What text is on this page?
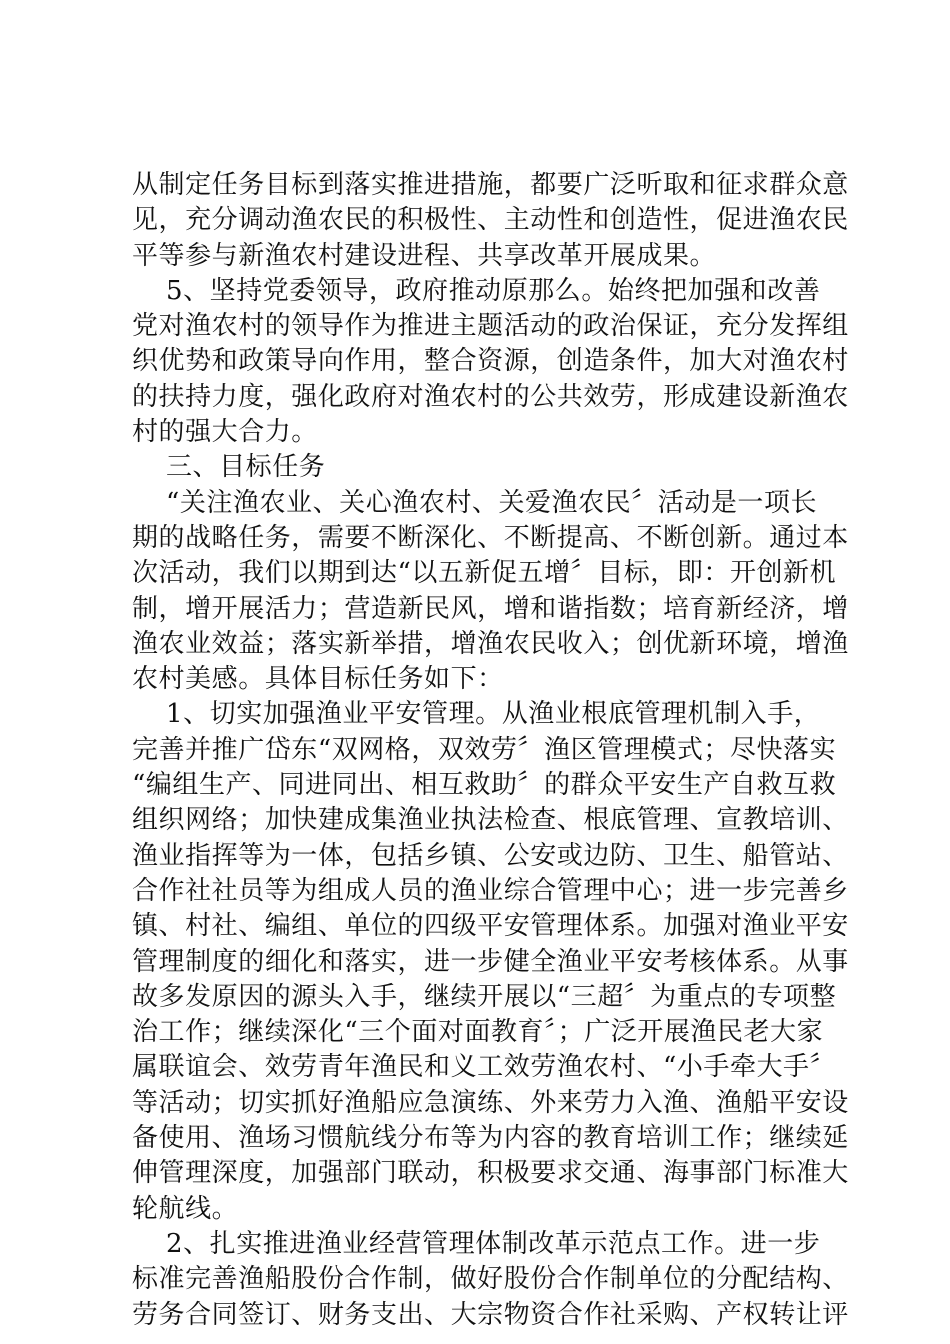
从制定任务目标到落实推进措施，都要广泛听取和征求群众意
见，充分调动渔农民的积极性、主动性和创造性，促进渔农民
平等参与新渔农村建设进程、共享改革开展成果。
5、坚持党委领导，政府推动原那么。始终把加强和改善
党对渔农村的领导作为推进主题活动的政治保证，充分发挥组
织优势和政策导向作用，整合资源，创造条件，加大对渔农村
的扶持力度，强化政府对渔农村的公共效劳，形成建设新渔农
村的强大合力。
三、目标任务
“关注渔农业、关心渔农村、关爱渔农民〞活动是一项长
期的战略任务，需要不断深化、不断提高、不断创新。通过本
次活动，我们以期到达“以五新促五增〞目标，即：开创新机
制，增开展活力；营造新民风，增和谐指数；培育新经济，增
渔农业效益；落实新举措，增渔农民收入；创优新环境，增渔
农村美感。具体目标任务如下：
1、切实加强渔业平安管理。从渔业根底管理机制入手，
完善并推广岱东“双网格，双效劳〞渔区管理模式；尽快落实
“编组生产、同进同出、相互救助〞的群众平安生产自救互救
组织网络；加快建成集渔业执法检查、根底管理、宣教培训、
渔业指挥等为一体，包括乡镇、公安或边防、卫生、船管站、
合作社社员等为组成人员的渔业综合管理中心；进一步完善乡
镇、村社、编组、单位的四级平安管理体系。加强对渔业平安
管理制度的细化和落实，进一步健全渔业平安考核体系。从事
故多发原因的源头入手，继续开展以“三超〞为重点的专项整
治工作；继续深化“三个面对面教育〞；广泛开展渔民老大家
属联谊会、效劳青年渔民和义工效劳渔农村、“小手牵大手〞
等活动；切实抓好渔船应急演练、外来劳力入渔、渔船平安设
备使用、渔场习惯航线分布等为内容的教育培训工作；继续延
伸管理深度，加强部门联动，积极要求交通、海事部门标准大
轮航线。
2、扎实推进渔业经营管理体制改革示范点工作。进一步
标准完善渔船股份合作制，做好股份合作制单位的分配结构、
劳务合同签订、财务支出、大宗物资合作社采购、产权转让评
